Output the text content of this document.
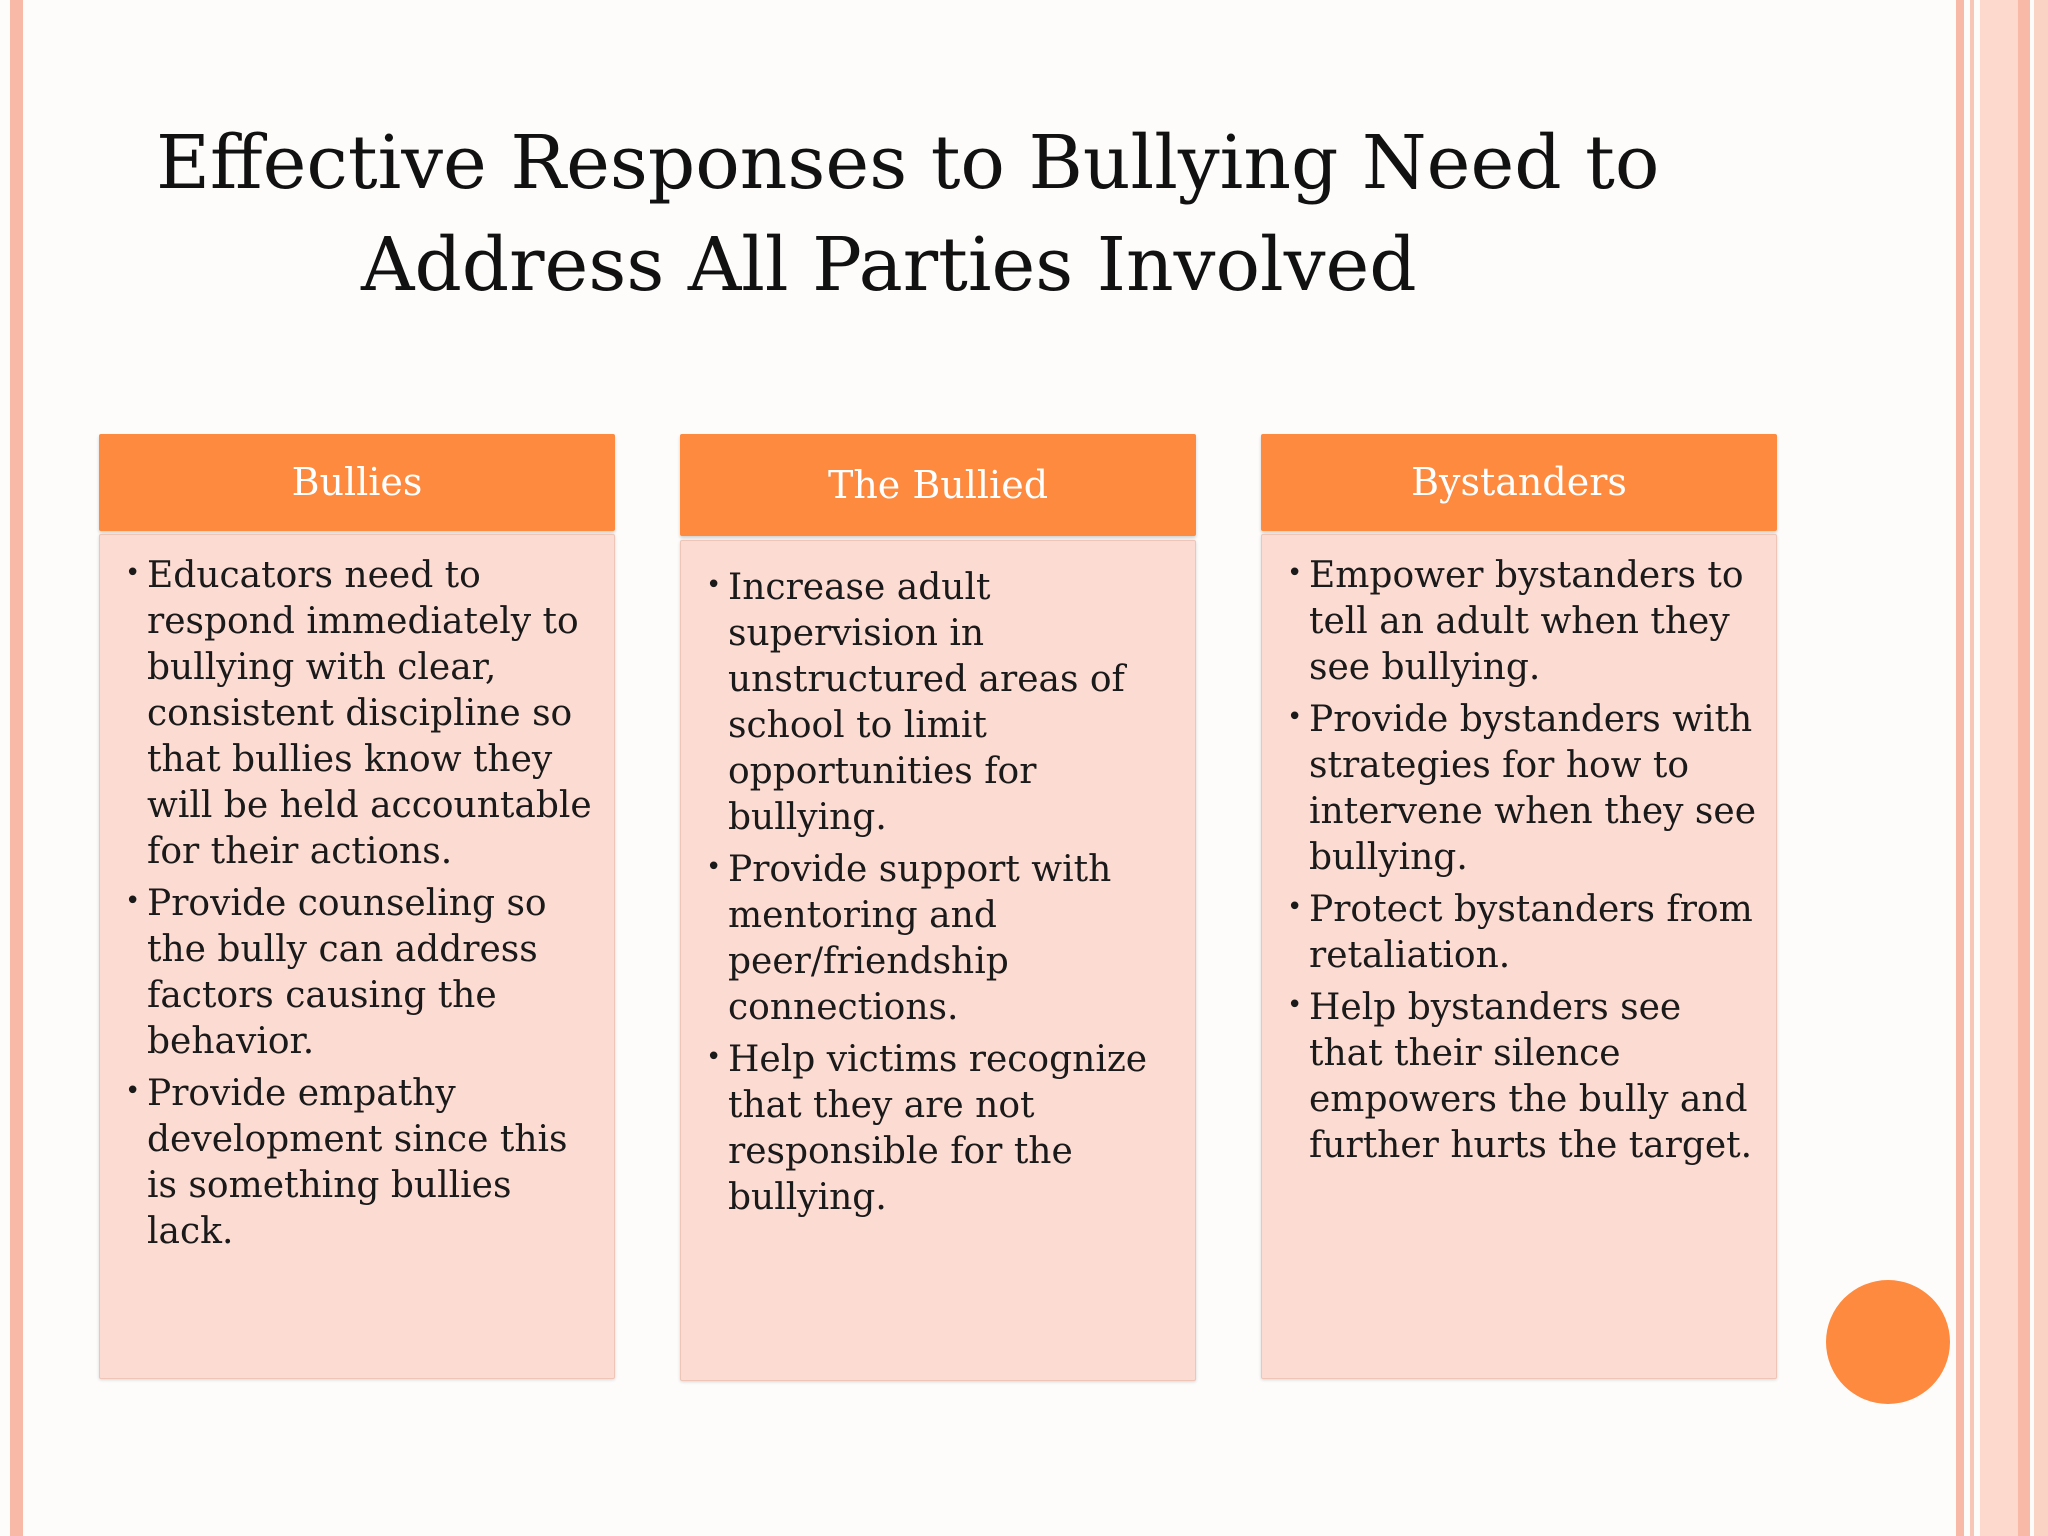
Effective Responses to Bullying Need to
Address All Parties Involved
Bullies
• Educators need to respond immediately to bullying with clear, consistent discipline so that bullies know they will be held accountable for their actions.
• Provide counseling so the bully can address factors causing the behavior.
• Provide empathy development since this is something bullies lack.
The Bullied
• Increase adult supervision in unstructured areas of school to limit opportunities for bullying.
• Provide support with mentoring and peer/friendship connections.
• Help victims recognize that they are not responsible for the bullying.
Bystanders
• Empower bystanders to tell an adult when they see bullying.
• Provide bystanders with strategies for how to intervene when they see bullying.
• Protect bystanders from retaliation.
• Help bystanders see that their silence empowers the bully and further hurts the target.
